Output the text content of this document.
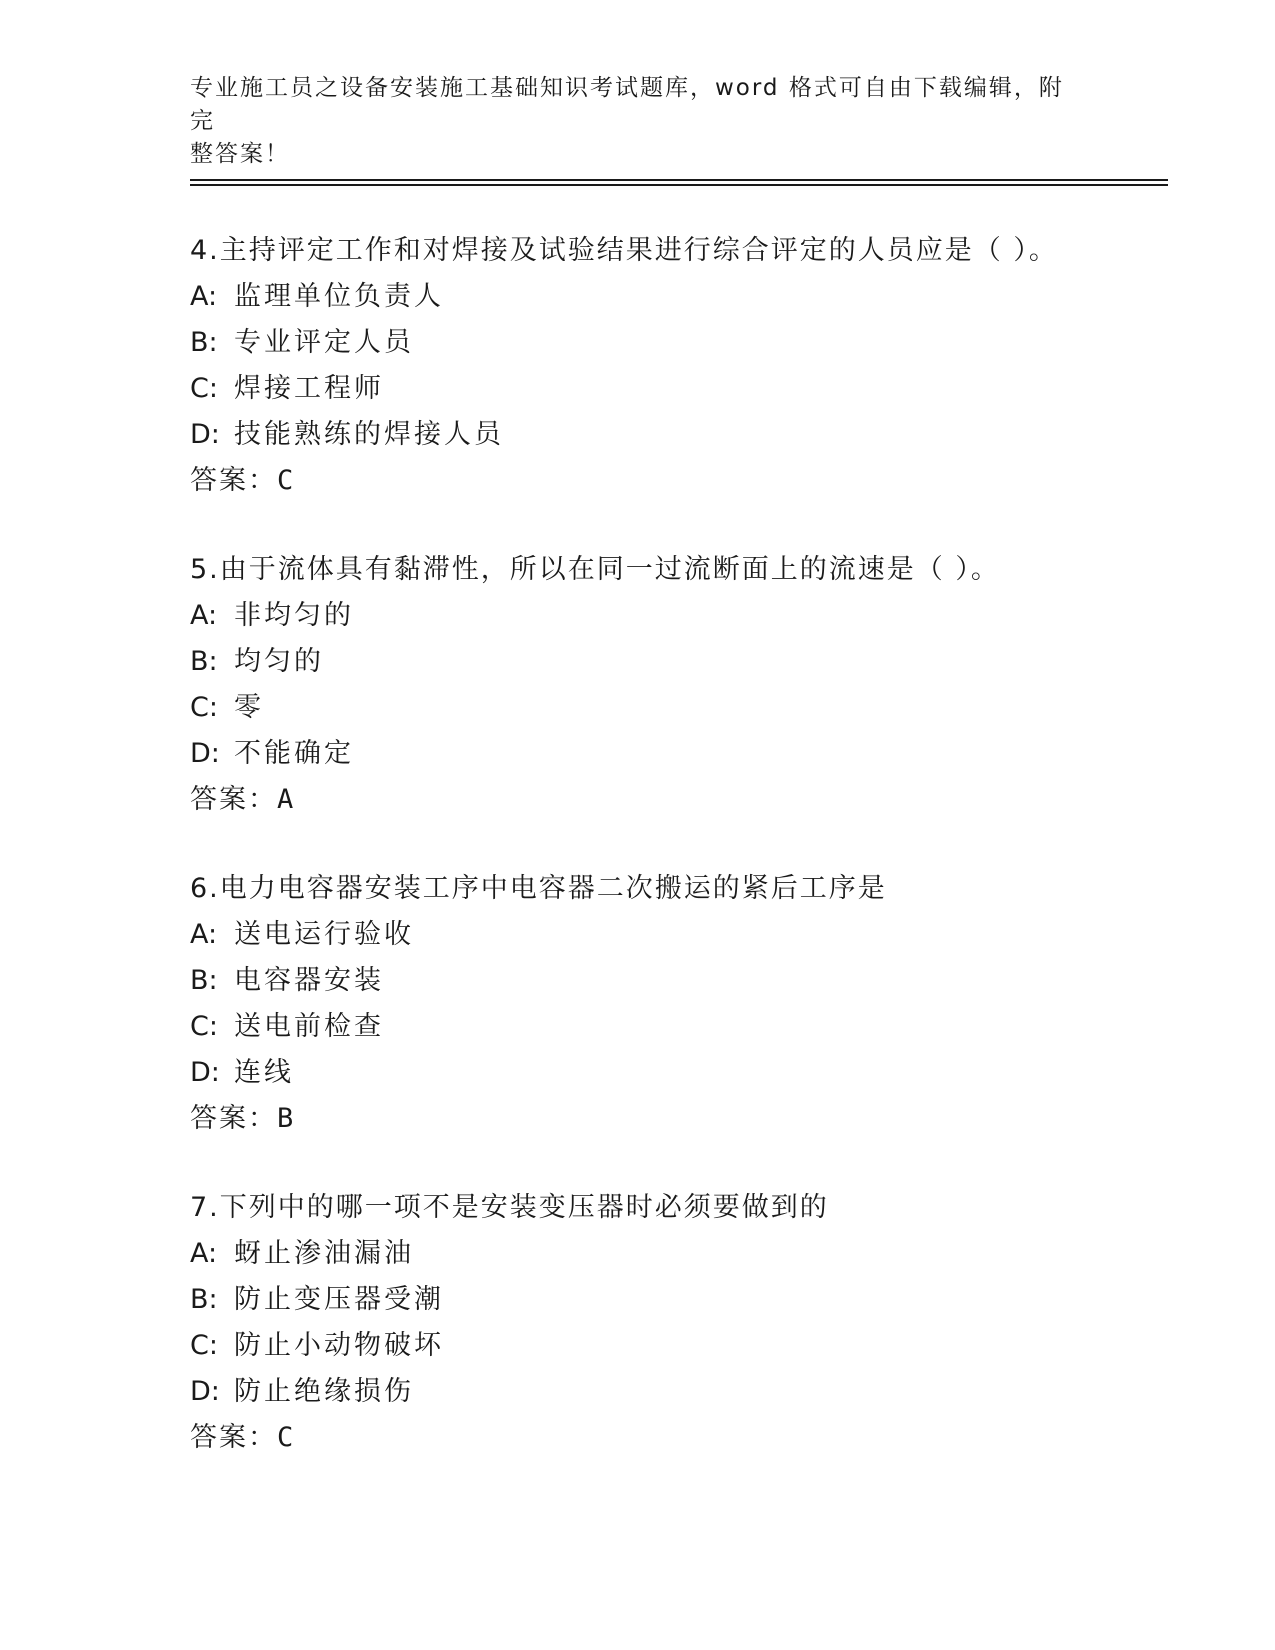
专业施工员之设备安装施工基础知识考试题库，word 格式可自由下载编辑，附完
整答案！
4.主持评定工作和对焊接及试验结果进行综合评定的人员应是（ ）。
A: 监理单位负责人
B: 专业评定人员
C: 焊接工程师
D: 技能熟练的焊接人员
答案：C
5.由于流体具有黏滞性，所以在同一过流断面上的流速是（ ）。
A: 非均匀的
B: 均匀的
C: 零
D: 不能确定
答案：A
6.电力电容器安装工序中电容器二次搬运的紧后工序是
A: 送电运行验收
B: 电容器安装
C: 送电前检查
D: 连线
答案：B
7.下列中的哪一项不是安装变压器时必须要做到的
A: 蚜止渗油漏油
B: 防止变压器受潮
C: 防止小动物破坏
D: 防止绝缘损伤
答案：C
